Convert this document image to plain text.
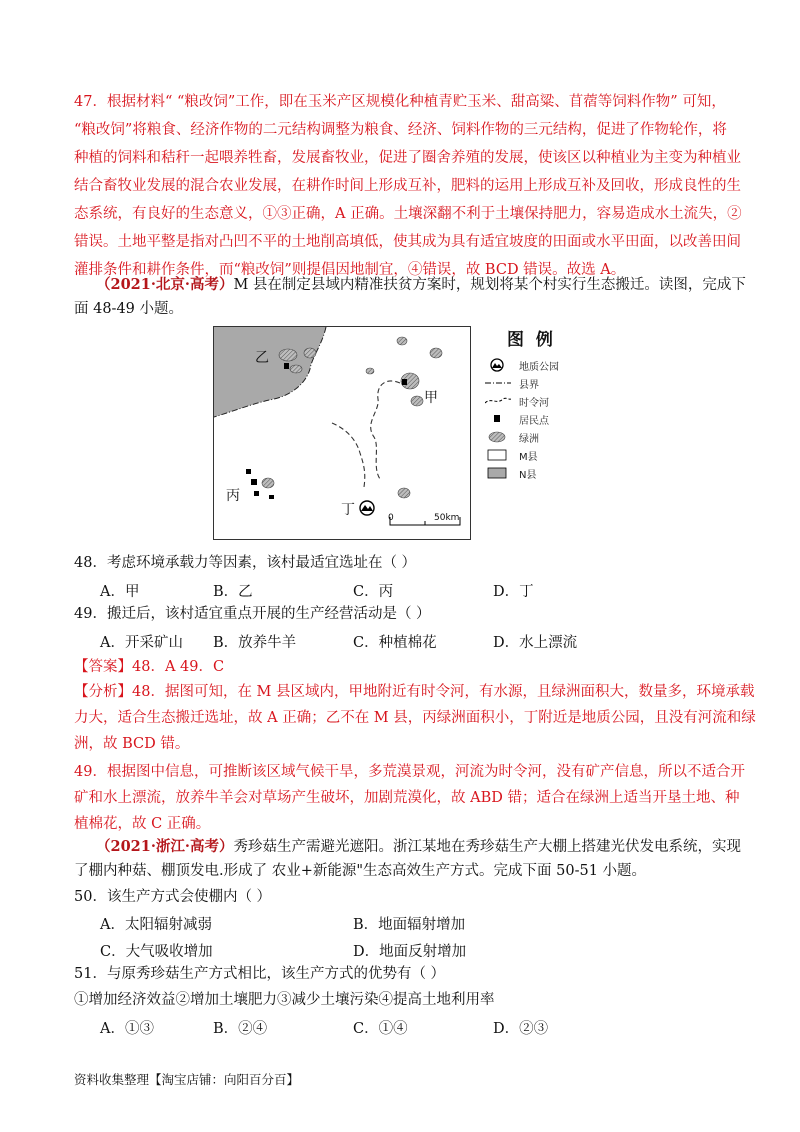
47．根据材料“ “粮改饲”工作，即在玉米产区规模化种植青贮玉米、甜高粱、苜蓿等饲料作物” 可知，
“粮改饲”将粮食、经济作物的二元结构调整为粮食、经济、饲料作物的三元结构，促进了作物轮作，将
种植的饲料和秸秆一起喂养牲畜，发展畜牧业，促进了圈舍养殖的发展，使该区以种植业为主变为种植业
结合畜牧业发展的混合农业发展，在耕作时间上形成互补，肥料的运用上形成互补及回收，形成良性的生
态系统，有良好的生态意义，①③正确，A 正确。土壤深翻不利于土壤保持肥力，容易造成水土流失，②
错误。土地平整是指对凸凹不平的土地削高填低，使其成为具有适宜坡度的田面或水平田面，以改善田间
灌排条件和耕作条件，而“粮改饲”则提倡因地制宜，④错误，故 BCD 错误。故选 A。
（2021·北京·高考）M 县在制定县域内精准扶贫方案时，规划将某个村实行生态搬迁。读图，完成下
面 48-49 小题。
乙
甲
丙
丁	0	50km
图 例
地质公园
县界
时令河
居民点
绿洲
M县
N县
48．考虑环境承载力等因素，该村最适宜选址在（ ）
A．甲	B．乙	C．丙	D．丁
49．搬迁后，该村适宜重点开展的生产经营活动是（ ）
A．开采矿山 B．放养牛羊	C．种植棉花	D．水上漂流
【答案】48．A 49．C
【分析】48．据图可知，在 M 县区域内，甲地附近有时令河，有水源，且绿洲面积大，数量多，环境承载
力大，适合生态搬迁选址，故 A 正确；乙不在 M 县，丙绿洲面积小，丁附近是地质公园，且没有河流和绿
洲，故 BCD 错。
49．根据图中信息，可推断该区域气候干旱，多荒漠景观，河流为时令河，没有矿产信息，所以不适合开
矿和水上漂流，放养牛羊会对草场产生破坏，加剧荒漠化，故 ABD 错；适合在绿洲上适当开垦土地、种
植棉花，故 C 正确。
（2021·浙江·高考）秀珍菇生产需避光遮阳。浙江某地在秀珍菇生产大棚上搭建光伏发电系统，实现
了棚内种菇、棚顶发电.形成了 农业+新能源"生态高效生产方式。完成下面 50-51 小题。
50．该生产方式会使棚内（ ）
A．太阳辐射减弱	B．地面辐射增加
C．大气吸收增加	D．地面反射增加
51．与原秀珍菇生产方式相比，该生产方式的优势有（ ）
①增加经济效益②增加土壤肥力③减少土壤污染④提高土地利用率
A．①③	B．②④	C．①④	D．②③
资料收集整理【淘宝店铺：向阳百分百】
